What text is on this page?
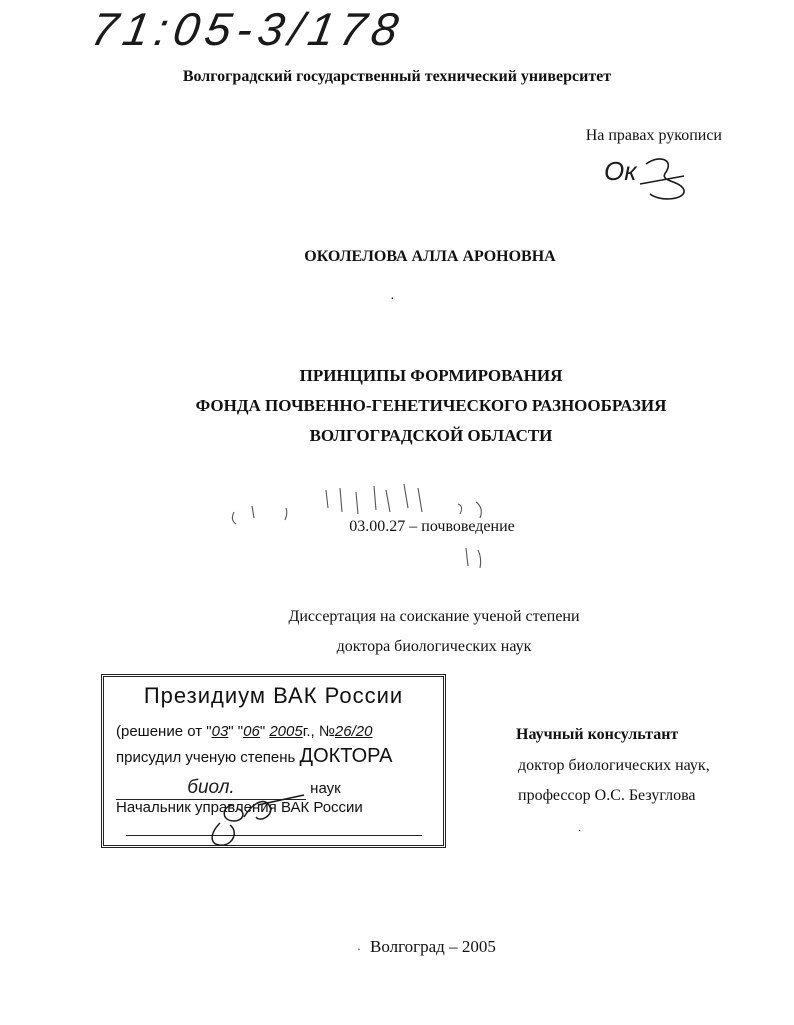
71:05-3/178
Волгоградский государственный технический университет
На правах рукописи
Ок
ОКОЛЕЛОВА АЛЛА АРОНОВНА
·
ПРИНЦИПЫ ФОРМИРОВАНИЯ
ФОНДА ПОЧВЕННО-ГЕНЕТИЧЕСКОГО РАЗНООБРАЗИЯ
ВОЛГОГРАДСКОЙ ОБЛАСТИ
03.00.27 – почвоведение
Диссертация на соискание ученой степени
доктора биологических наук
Президиум ВАК России
(решение от "03" "06" 2005г., №26/20
присудил ученую степень ДОКТОРА
биол.	наук
Начальник управления ВАК России
Научный консультант
доктор биологических наук,
профессор О.С. Безуглова
·
· Волгоград – 2005
